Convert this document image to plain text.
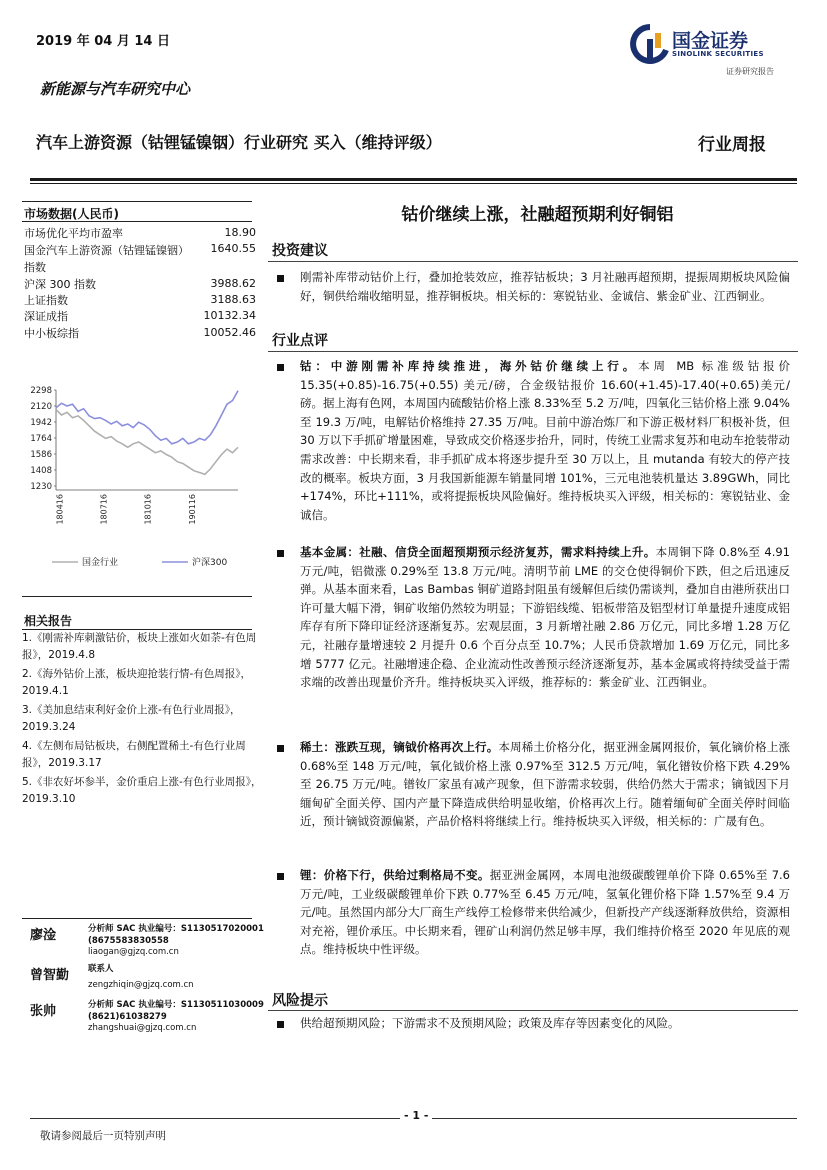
2019 年 04 月 14 日	国金证券
SINOLINK SECURITIES
证券研究报告
新能源与汽车研究中心
汽车上游资源（钴锂锰镍铟）行业研究 买入（维持评级）	行业周报
市场数据(人民币)
市场优化平均市盈率	18.90
国金汽车上游资源（钴锂锰镍铟）指数
1640.55
沪深 300 指数	3988.62
上证指数	3188.63
深证成指	10132.34
中小板综指	10052.46
2298
2120
1942
1764
1586
1408
1230
180416	180716	181016	190116
国金行业	沪深300
相关报告
1.《刚需补库刺激钴价，板块上涨如火如荼-有色周报》，2019.4.8
2.《海外钴价上涨，板块迎抢装行情-有色周报》，2019.4.1
3.《美加息结束利好金价上涨-有色行业周报》，2019.3.24
4.《左侧布局钴板块，右侧配置稀土-有色行业周报》，2019.3.17
5.《非农好坏参半，金价重启上涨-有色行业周报》，2019.3.10
廖淦	分析师 SAC 执业编号：S1130517020001
(8675583830558
liaogan@gjzq.com.cn
曾智勤 联系人
zengzhiqin@gjzq.com.cn
张帅	分析师 SAC 执业编号：S1130511030009
(8621)61038279
zhangshuai@gjzq.com.cn
钴价继续上涨，社融超预期利好铜铝
投资建议
刚需补库带动钴价上行，叠加抢装效应，推荐钴板块；3 月社融再超预期，提振周期板块风险偏好，铜供给端收缩明显，推荐铜板块。相关标的：寒锐钴业、金诚信、紫金矿业、江西铜业。
行业点评
钴：中游刚需补库持续推进，海外钴价继续上行。本周 MB 标准级钴报价 15.35(+0.85)-16.75(+0.55) 美元/磅，合金级钴报价 16.60(+1.45)-17.40(+0.65)美元/磅。据上海有色网，本周国内硫酸钴价格上涨 8.33%至 5.2 万/吨，四氧化三钴价格上涨 9.04%至 19.3 万/吨，电解钴价格维持 27.35 万/吨。目前中游冶炼厂和下游正极材料厂积极补货，但 30 万以下手抓矿增量困难，导致成交价格逐步抬升，同时，传统工业需求复苏和电动车抢装带动需求改善：中长期来看，非手抓矿成本将逐步提升至 30 万以上，且 mutanda 有较大的停产技改的概率。板块方面，3 月我国新能源车销量同增 101%，三元电池装机量达 3.89GWh，同比+174%，环比+111%，或将提振板块风险偏好。维持板块买入评级，相关标的：寒锐钴业、金诚信。
基本金属：社融、信贷全面超预期预示经济复苏，需求料持续上升。本周铜下降 0.8%至 4.91 万元/吨，铝微涨 0.29%至 13.8 万元/吨。清明节前 LME 的交仓使得铜价下跌，但之后迅速反弹。从基本面来看，Las Bambas 铜矿道路封阻虽有缓解但后续仍需谈判，叠加自由港所获出口许可量大幅下滑，铜矿收缩仍然较为明显；下游铝线缆、铝板带箔及铝型材订单量提升速度成铝库存有所下降印证经济逐渐复苏。宏观层面，3 月新增社融 2.86 万亿元，同比多增 1.28 万亿元，社融存量增速较 2 月提升 0.6 个百分点至 10.7%；人民币贷款增加 1.69 万亿元，同比多增 5777 亿元。社融增速企稳、企业流动性改善预示经济逐渐复苏，基本金属或将持续受益于需求端的改善出现量价齐升。维持板块买入评级，推荐标的：紫金矿业、江西铜业。
稀土：涨跌互现，镝钺价格再次上行。本周稀土价格分化，据亚洲金属网报价，氧化镝价格上涨 0.68%至 148 万元/吨，氧化钺价格上涨 0.97%至 312.5 万元/吨，氧化镨钕价格下跌 4.29%至 26.75 万元/吨。镨钕厂家虽有减产现象，但下游需求较弱，供给仍然大于需求；镝钺因下月缅甸矿全面关停、国内产量下降造成供给明显收缩，价格再次上行。随着缅甸矿全面关停时间临近，预计镝钺资源偏紧，产品价格料将继续上行。维持板块买入评级，相关标的：广晟有色。
锂：价格下行，供给过剩格局不变。据亚洲金属网，本周电池级碳酸锂单价下降 0.65%至 7.6 万元/吨，工业级碳酸锂单价下跌 0.77%至 6.45 万元/吨，氢氧化锂价格下降 1.57%至 9.4 万元/吨。虽然国内部分大厂商生产线停工检修带来供给减少，但新投产产线逐渐释放供给，资源相对充裕，锂价承压。中长期来看，锂矿山利润仍然足够丰厚，我们维持价格至 2020 年见底的观点。维持板块中性评级。
风险提示
供给超预期风险；下游需求不及预期风险；政策及库存等因素变化的风险。
- 1 -
敬请参阅最后一页特别声明
